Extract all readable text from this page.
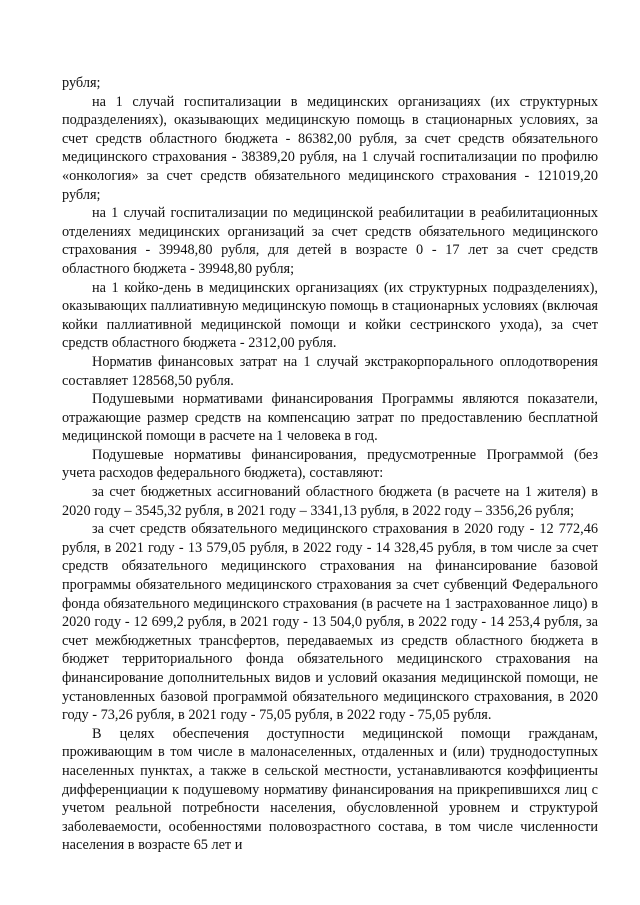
рубля;

на 1 случай госпитализации в медицинских организациях (их структурных подразделениях), оказывающих медицинскую помощь в стационарных условиях, за счет средств областного бюджета - 86382,00 рубля, за счет средств обязательного медицинского страхования - 38389,20 рубля, на 1 случай госпитализации по профилю «онкология» за счет средств обязательного медицинского страхования - 121019,20 рубля;

на 1 случай госпитализации по медицинской реабилитации в реабилитационных отделениях медицинских организаций за счет средств обязательного медицинского страхования - 39948,80 рубля, для детей в возрасте 0 - 17 лет за счет средств областного бюджета - 39948,80 рубля;

на 1 койко-день в медицинских организациях (их структурных подразделениях), оказывающих паллиативную медицинскую помощь в стационарных условиях (включая койки паллиативной медицинской помощи и койки сестринского ухода), за счет средств областного бюджета - 2312,00 рубля.

Норматив финансовых затрат на 1 случай экстракорпорального оплодотворения составляет 128568,50 рубля.

Подушевыми нормативами финансирования Программы являются показатели, отражающие размер средств на компенсацию затрат по предоставлению бесплатной медицинской помощи в расчете на 1 человека в год.

Подушевые нормативы финансирования, предусмотренные Программой (без учета расходов федерального бюджета), составляют:

за счет бюджетных ассигнований областного бюджета (в расчете на 1 жителя) в 2020 году – 3545,32 рубля, в 2021 году – 3341,13 рубля, в 2022 году – 3356,26 рубля;

за счет средств обязательного медицинского страхования в 2020 году - 12 772,46 рубля, в 2021 году - 13 579,05 рубля, в 2022 году - 14 328,45 рубля, в том числе за счет средств обязательного медицинского страхования на финансирование базовой программы обязательного медицинского страхования за счет субвенций Федерального фонда обязательного медицинского страхования (в расчете на 1 застрахованное лицо) в 2020 году - 12 699,2 рубля, в 2021 году - 13 504,0 рубля, в 2022 году - 14 253,4 рубля, за счет межбюджетных трансфертов, передаваемых из средств областного бюджета в бюджет территориального фонда обязательного медицинского страхования на финансирование дополнительных видов и условий оказания медицинской помощи, не установленных базовой программой обязательного медицинского страхования, в 2020 году - 73,26 рубля, в 2021 году - 75,05 рубля, в 2022 году - 75,05 рубля.

В целях обеспечения доступности медицинской помощи гражданам, проживающим в том числе в малонаселенных, отдаленных и (или) труднодоступных населенных пунктах, а также в сельской местности, устанавливаются коэффициенты дифференциации к подушевому нормативу финансирования на прикрепившихся лиц с учетом реальной потребности населения, обусловленной уровнем и структурой заболеваемости, особенностями половозрастного состава, в том числе численности населения в возрасте 65 лет и
